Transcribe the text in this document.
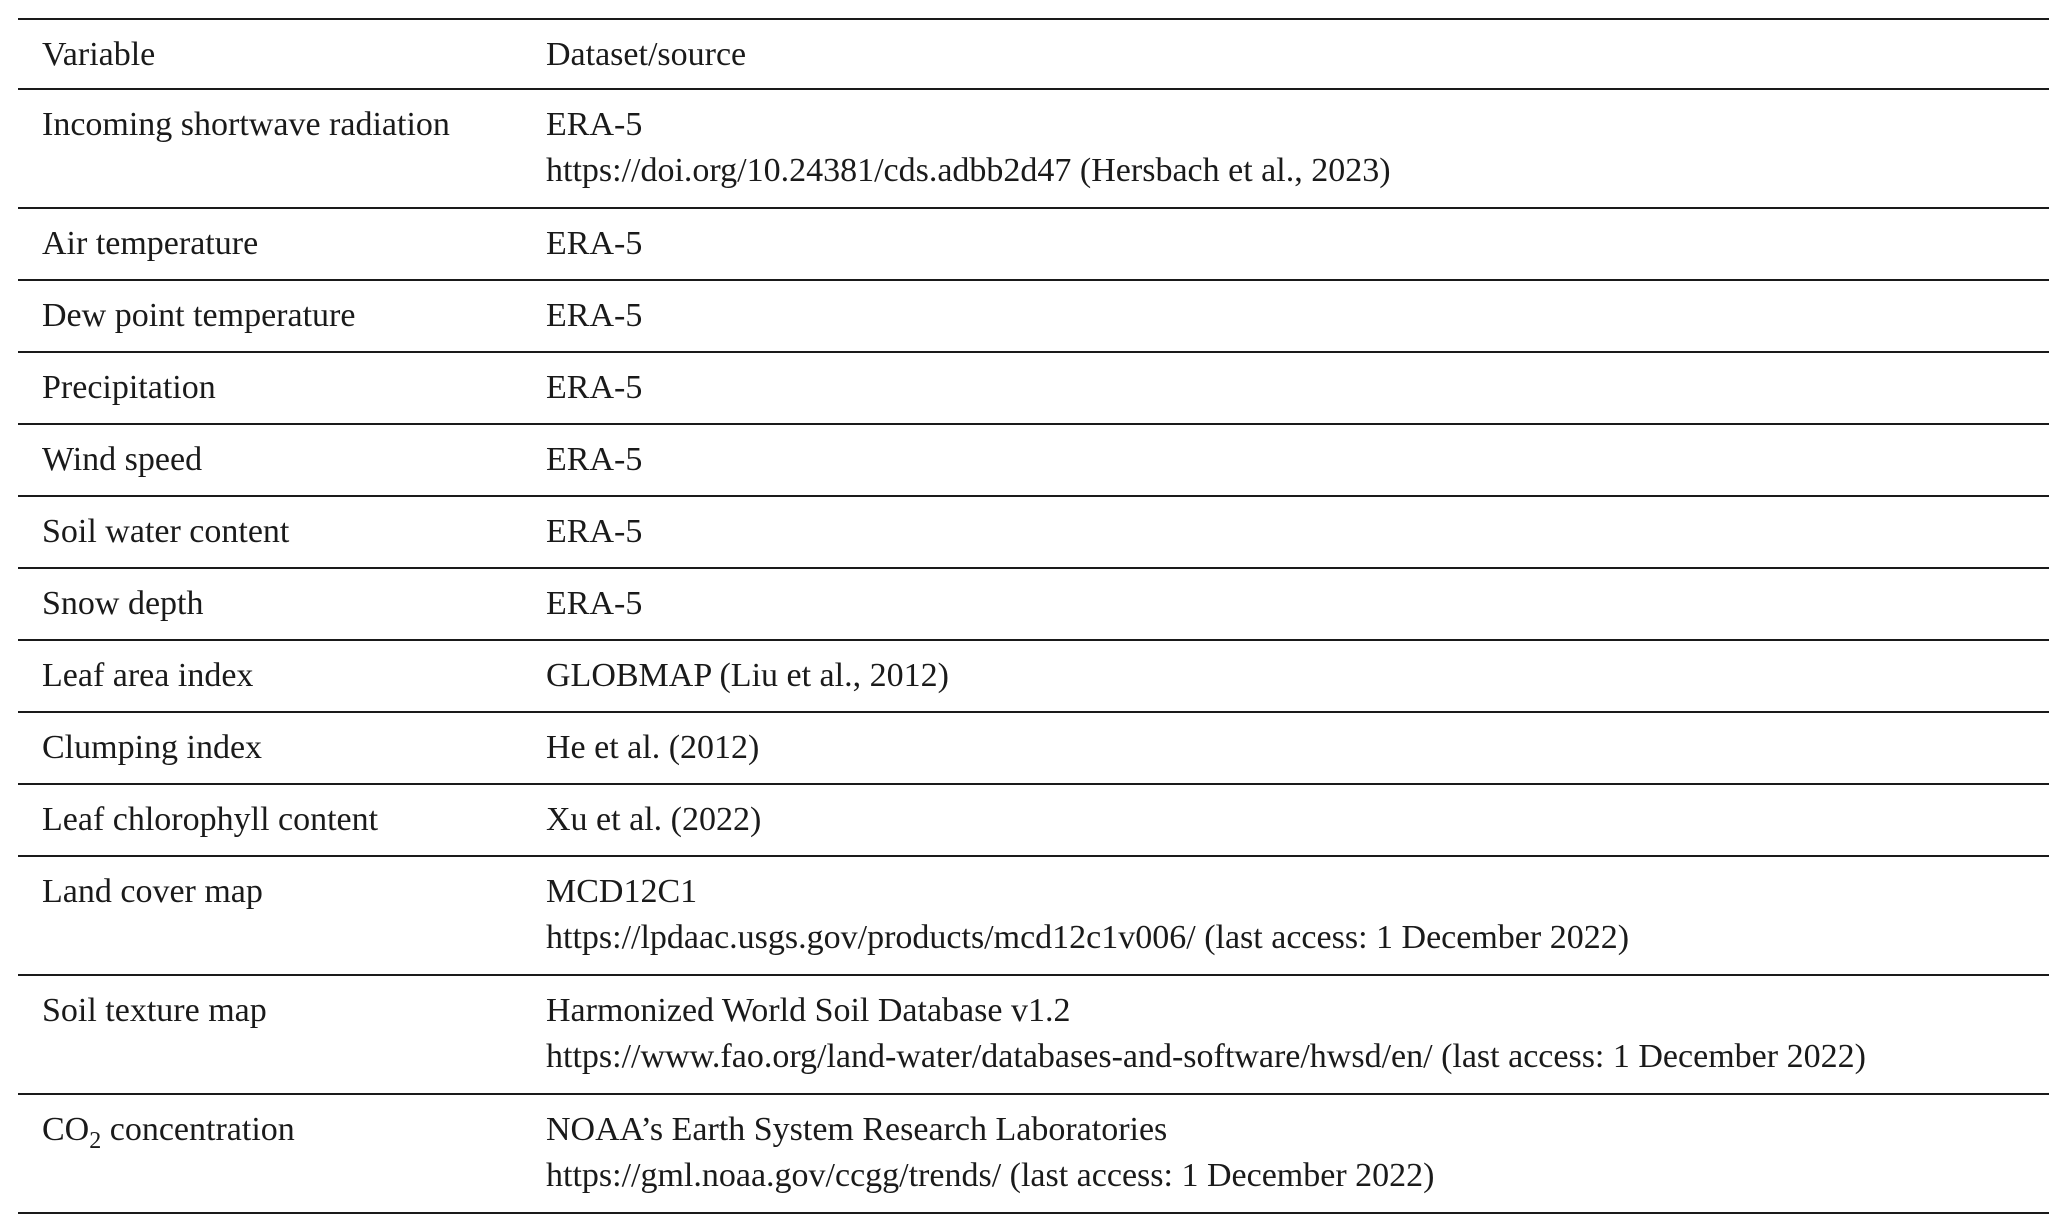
Variable	Dataset/source
Incoming shortwave radiation	ERA-5
https://doi.org/10.24381/cds.adbb2d47 (Hersbach et al., 2023)

Air temperature	ERA-5
Dew point temperature	ERA-5
Precipitation	ERA-5
Wind speed	ERA-5
Soil water content	ERA-5
Snow depth	ERA-5
Leaf area index	GLOBMAP (Liu et al., 2012)
Clumping index	He et al. (2012)
Leaf chlorophyll content	Xu et al. (2022)
Land cover map	MCD12C1
https://lpdaac.usgs.gov/products/mcd12c1v006/ (last access: 1 December 2022)

Soil texture map	Harmonized World Soil Database v1.2
https://www.fao.org/land-water/databases-and-software/hwsd/en/ (last access: 1 December 2022)

$CO_2$ concentration	NOAA’s Earth System Research Laboratories
https://gml.noaa.gov/ccgg/trends/ (last access: 1 December 2022)
